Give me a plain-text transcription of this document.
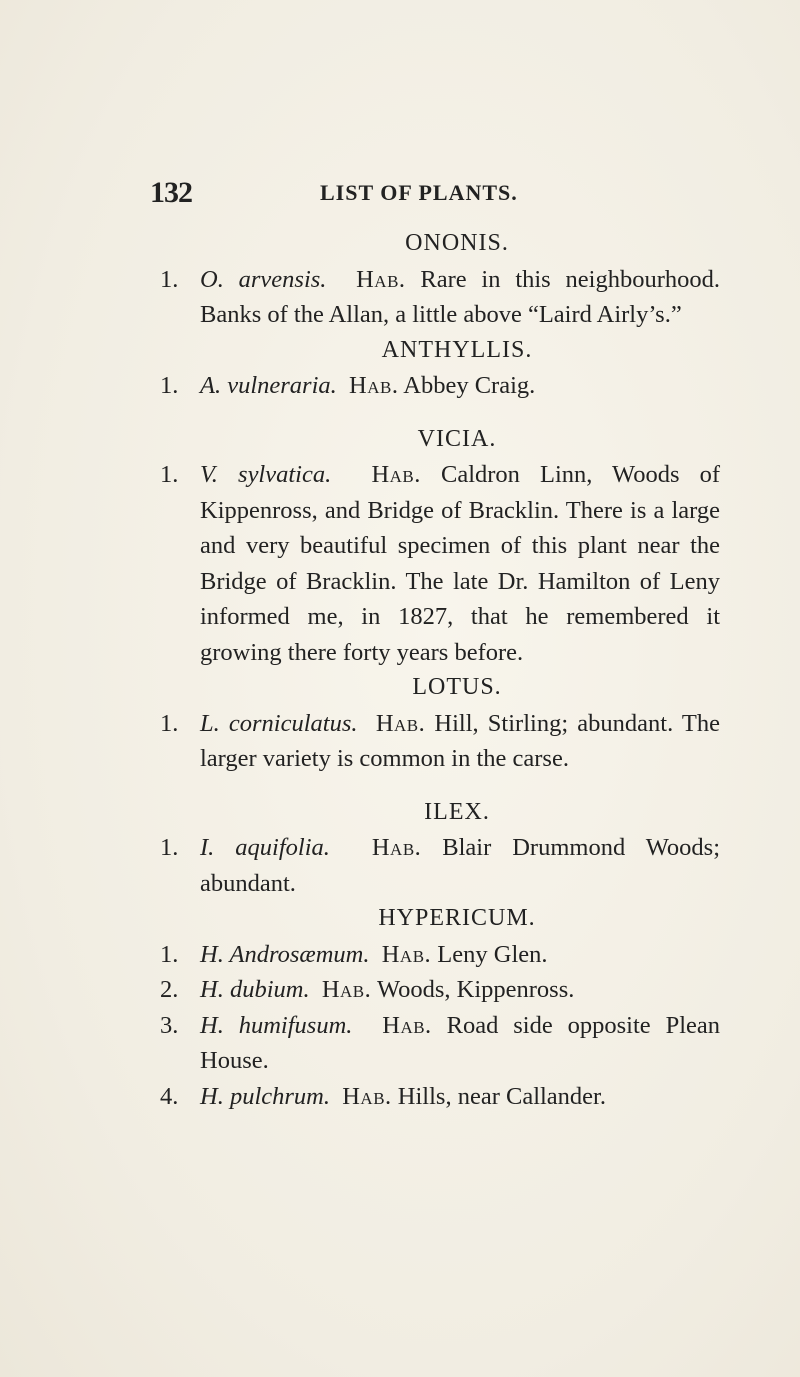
132	LIST OF PLANTS.
ONONIS.
1. O. arvensis. Hab. Rare in this neighbourhood. Banks of the Allan, a little above “Laird Airly’s.”
ANTHYLLIS.
1. A. vulneraria. Hab. Abbey Craig.
VICIA.
1. V. sylvatica. Hab. Caldron Linn, Woods of Kippenross, and Bridge of Bracklin. There is a large and very beautiful specimen of this plant near the Bridge of Bracklin. The late Dr. Hamilton of Leny informed me, in 1827, that he remembered it growing there forty years before.
LOTUS.
1. L. corniculatus. Hab. Hill, Stirling; abundant. The larger variety is common in the carse.
ILEX.
1. I. aquifolia. Hab. Blair Drummond Woods; abundant.
HYPERICUM.
1. H. Androsæmum. Hab. Leny Glen.
2. H. dubium. Hab. Woods, Kippenross.
3. H. humifusum. Hab. Road side opposite Plean House.
4. H. pulchrum. Hab. Hills, near Callander.
